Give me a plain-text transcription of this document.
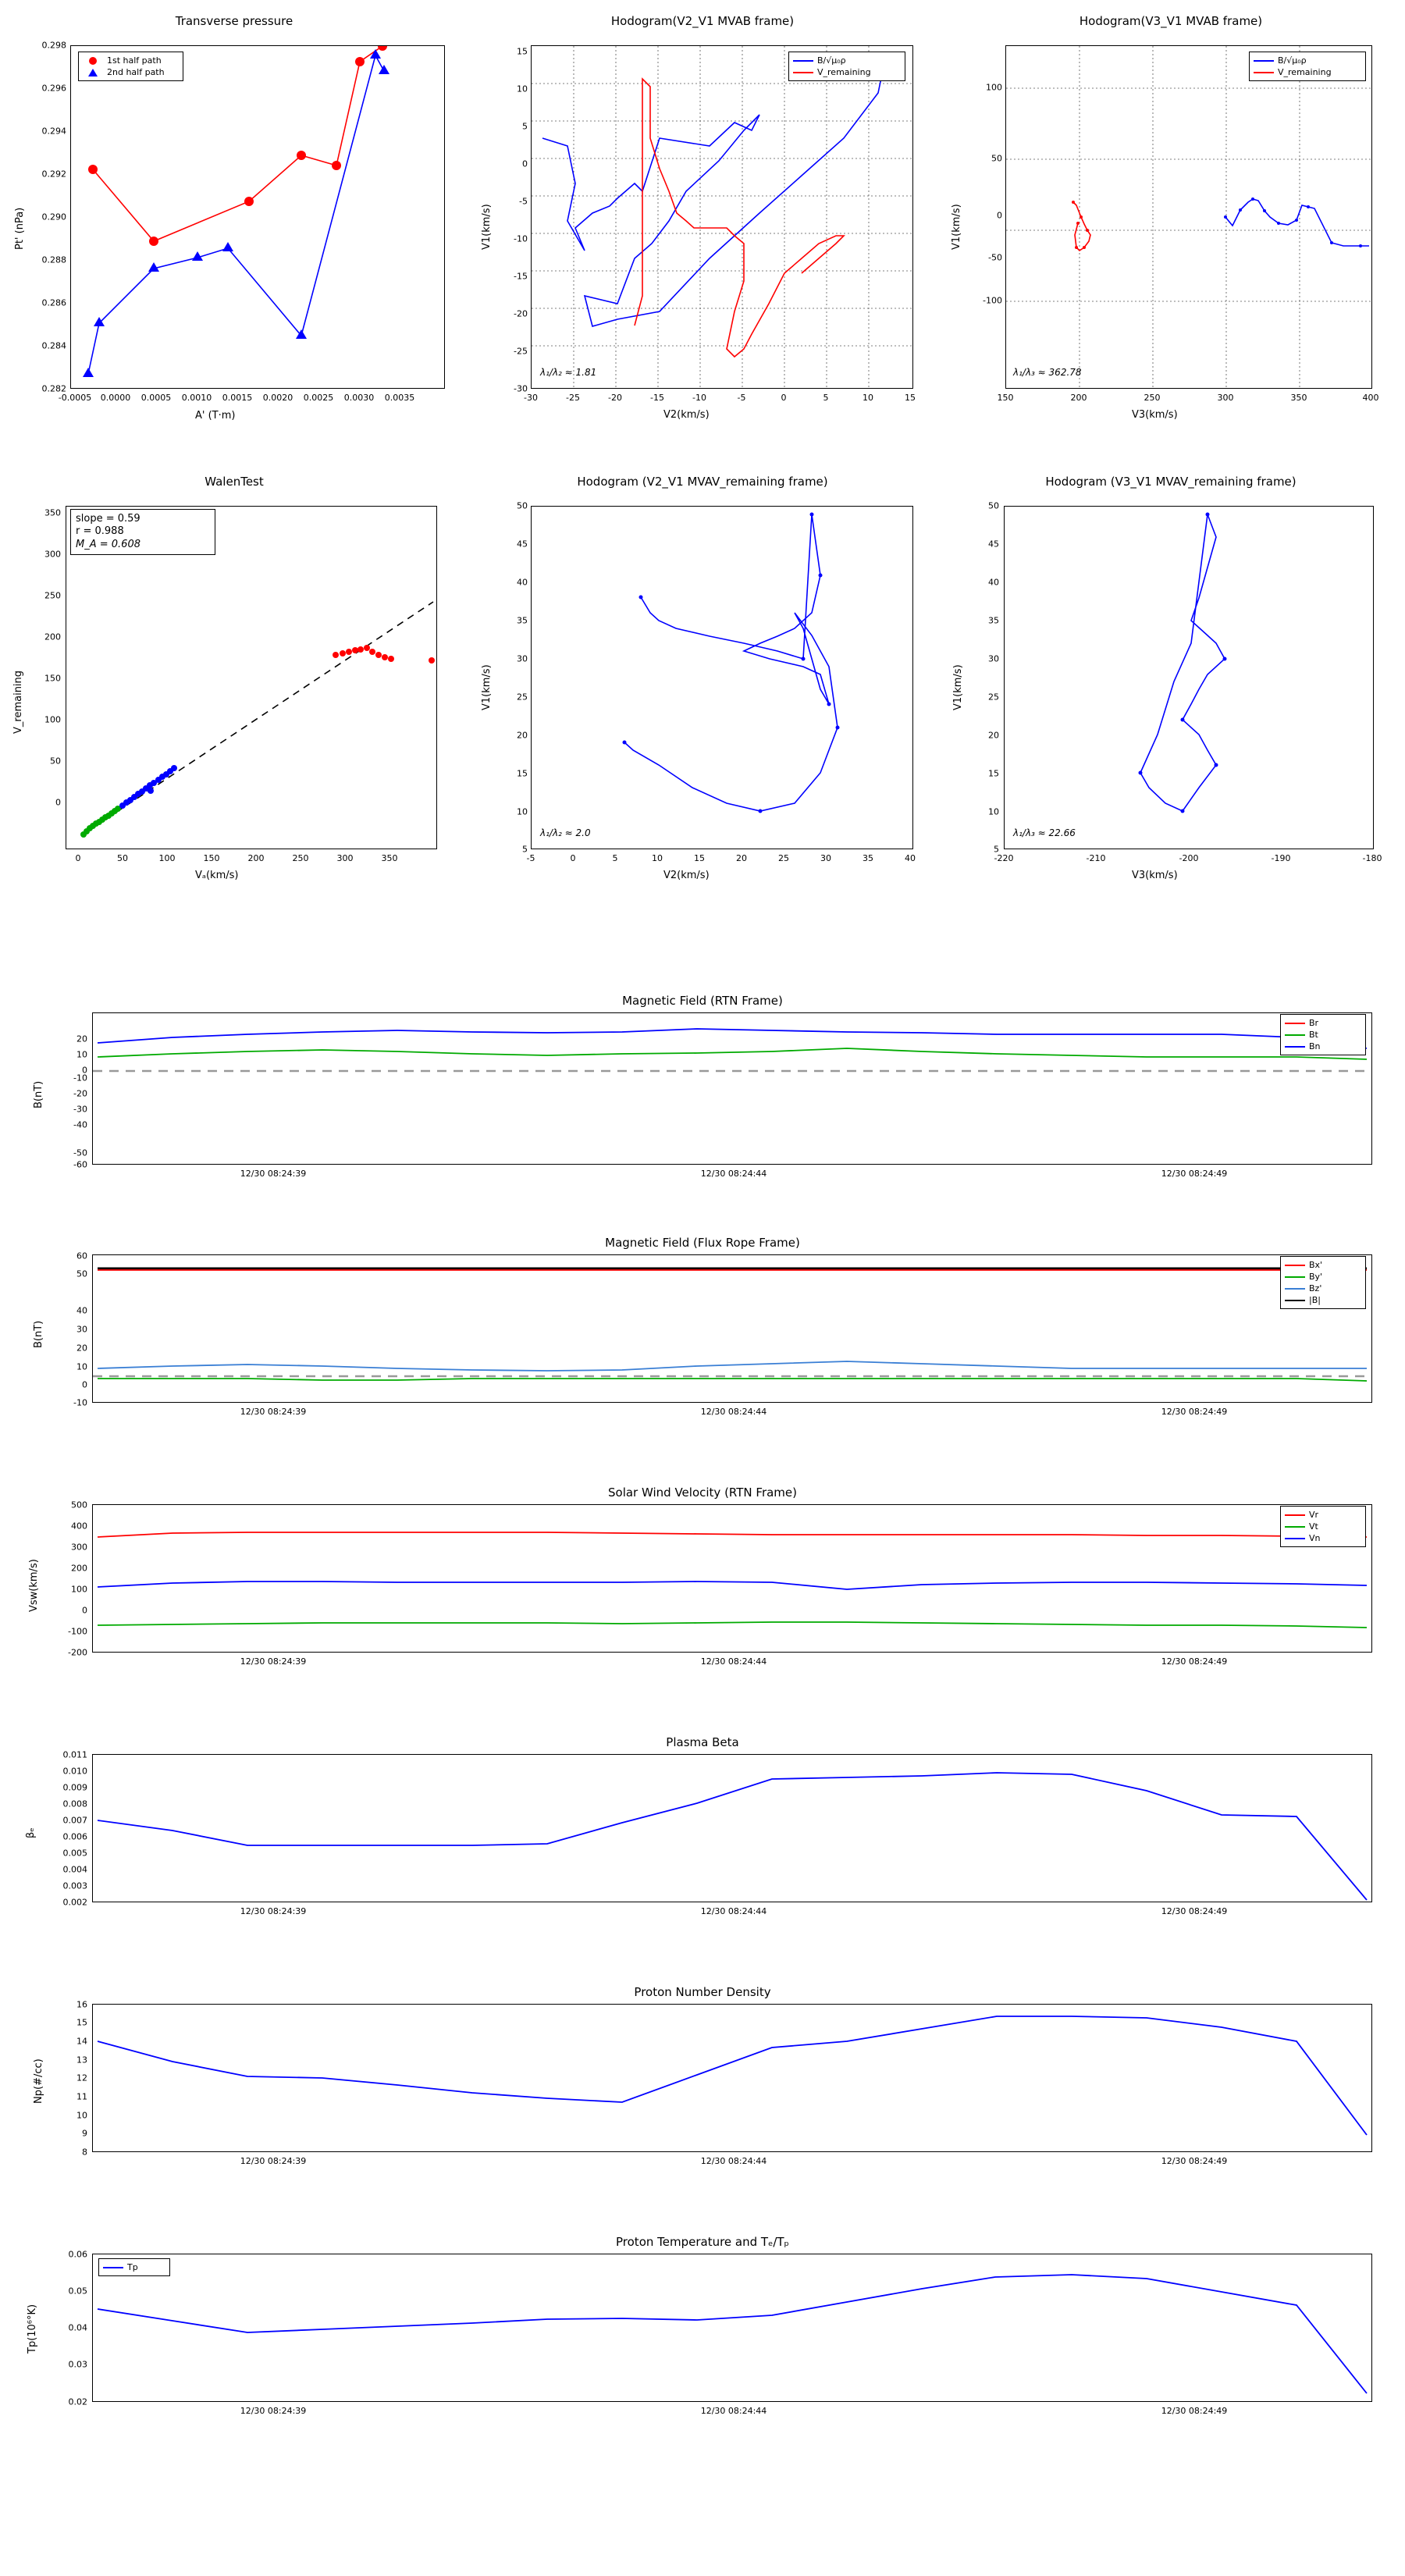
Transverse pressure
0.282
0.284
0.286
0.288
0.290
0.292
0.294
0.296
0.298
-0.0005 0.0000 0.0005 0.0010 0.0015 0.0020 0.0025 0.0030 0.0035
A' (T·m)
Pt' (nPa)
1st half path
2nd half path
Hodogram(V2_V1 MVAB frame)
-30
-25
-20
-15
-10
-5
0
5
10
15
-30	-25	-20	-15	-10	-5	0	5	10	15
V2(km/s)
V1(km/s)
B/√μ₀ρ
V_remaining
λ₁/λ₂ ≈ 1.81
Hodogram(V3_V1 MVAB frame)
-100
-50
0
50
100
150	200	250	300	350	400
V3(km/s)
V1(km/s)
B/√μ₀ρ
V_remaining
λ₁/λ₃ ≈ 362.78
WalenTest
0
50
100
150
200
250
300
350
0	50	100	150	200	250	300	350
Vₐ(km/s)
V_remaining
slope = 0.59
r = 0.988
M_A = 0.608
Hodogram (V2_V1 MVAV_remaining frame)
5
10
15
20
25
30
35
40
45
50
-5	0	5	10	15	20	25	30	35	40
V2(km/s)
V1(km/s)
λ₁/λ₂ ≈ 2.0
Hodogram (V3_V1 MVAV_remaining frame)
5
10
15
20
25
30
35
40
45
50
-220	-210	-200	-190	-180
V3(km/s)
V1(km/s)
λ₁/λ₃ ≈ 22.66
Magnetic Field (RTN Frame)
-60
-50
-40
-30
-20
-10
0
10
20
12/30 08:24:39	12/30 08:24:44	12/30 08:24:49
B(nT)
Br
Bt
Bn
Magnetic Field (Flux Rope Frame)
-10
0
10
20
30
40
50
60
12/30 08:24:39	12/30 08:24:44	12/30 08:24:49
B(nT)
Bx'
By'
Bz'
|B|
Solar Wind Velocity (RTN Frame)
-200
-100
0
100
200
300
400
500
12/30 08:24:39	12/30 08:24:44	12/30 08:24:49
Vsw(km/s)
Vr
Vt
Vn
Plasma Beta
0.002
0.003
0.004
0.005
0.006
0.007
0.008
0.009
0.010
0.011
12/30 08:24:39	12/30 08:24:44	12/30 08:24:49
βₑ
Proton Number Density
8
9
10
11
12
13
14
15
16
12/30 08:24:39	12/30 08:24:44	12/30 08:24:49
Np(#/cc)
Proton Temperature and Tₑ/Tₚ
0.02
0.03
0.04
0.05
0.06
12/30 08:24:39	12/30 08:24:44	12/30 08:24:49
Tp(10⁶°K)
Tp
